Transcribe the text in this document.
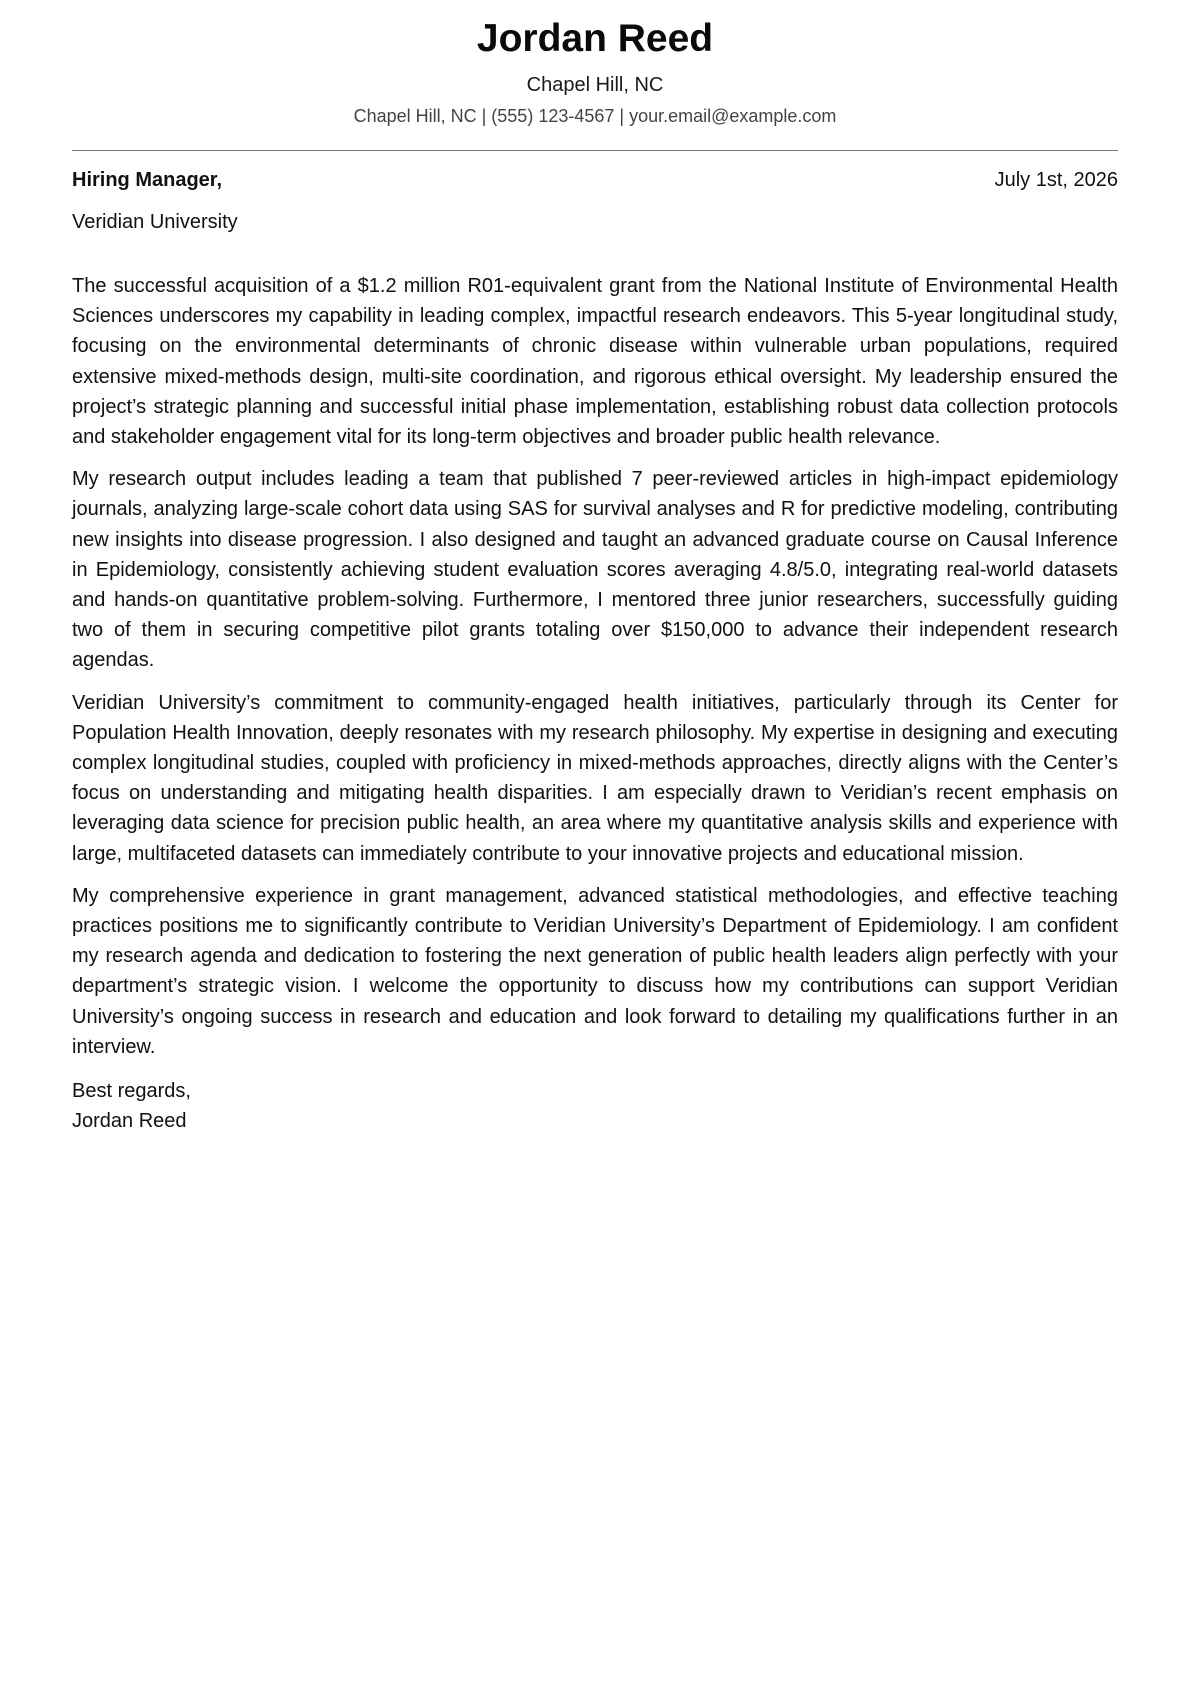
Jordan Reed
Chapel Hill, NC
Chapel Hill, NC | (555) 123-4567 | your.email@example.com
Hiring Manager,	July 1st, 2026
Veridian University

The successful acquisition of a $1.2 million R01-equivalent grant from the National Institute of Environmental Health Sciences underscores my capability in leading complex, impactful research endeavors. This 5-year longitudinal study, focusing on the environmental determinants of chronic disease within vulnerable urban populations, required extensive mixed-methods design, multi-site coordination, and rigorous ethical oversight. My leadership ensured the project’s strategic planning and successful initial phase implementation, establishing robust data collection protocols and stakeholder engagement vital for its long-term objectives and broader public health relevance.

My research output includes leading a team that published 7 peer-reviewed articles in high-impact epidemiology journals, analyzing large-scale cohort data using SAS for survival analyses and R for predictive modeling, contributing new insights into disease progression. I also designed and taught an advanced graduate course on Causal Inference in Epidemiology, consistently achieving student evaluation scores averaging 4.8/5.0, integrating real-world datasets and hands-on quantitative problem-solving. Furthermore, I mentored three junior researchers, successfully guiding two of them in securing competitive pilot grants totaling over $150,000 to advance their independent research agendas.

Veridian University’s commitment to community-engaged health initiatives, particularly through its Center for Population Health Innovation, deeply resonates with my research philosophy. My expertise in designing and executing complex longitudinal studies, coupled with proficiency in mixed-methods approaches, directly aligns with the Center’s focus on understanding and mitigating health disparities. I am especially drawn to Veridian’s recent emphasis on leveraging data science for precision public health, an area where my quantitative analysis skills and experience with large, multifaceted datasets can immediately contribute to your innovative projects and educational mission.

My comprehensive experience in grant management, advanced statistical methodologies, and effective teaching practices positions me to significantly contribute to Veridian University’s Department of Epidemiology. I am confident my research agenda and dedication to fostering the next generation of public health leaders align perfectly with your department’s strategic vision. I welcome the opportunity to discuss how my contributions can support Veridian University’s ongoing success in research and education and look forward to detailing my qualifications further in an interview.

Best regards,
Jordan Reed
